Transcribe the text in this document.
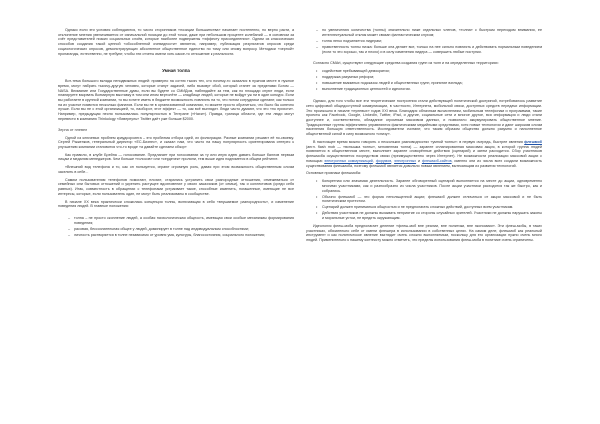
Однако если эти условия соблюдаются, то число сторонников «позиции большинства» начинает постепенно, но верно расти, а отклонение мнения увеличивается от изначальной позиции до этой точки, даже при небольшом проценте колебаний — в основном за счёт представителей низких социальных слоёв, которые наиболее подвержены «эффекту присоединения». Одним из классических способов создания такой цепной «обособленной очевидности» является, например, публикация результатов опросов среди социологических опросов, демонстрирующих абсолютное общественное единство по тому или иному вопросу. Методики «черной» пропаганды, естественно, не требуют, чтобы эти отчеты имели хоть какое-то отношение к реальности.

Умная толпа

Вот-тема большого вклада неподвижных людей: примерно на сотню тысяч тех, кто почему-то оказался в нужном месте в нужное время, могут набрать тысячу-другую человек, которые станут задачей, либо вызовут сбой, который станет за пределами Богом — NASA. Внимание или Государственные думы, если вы будете со СМИДом, наблюдайте за тем, как по площади снуют люди, если планируете взорвать Всемирную выставку в том или ином вертолёте — кладбище людей, которые не войдут уж ни в один конкурс. Если вы работаете в крупной компании, то вы хотите иметь в бюджете возможность повлиять на то, что потом сотрудники сделают, как только на их участке появится несколько фанатов. Если вы не в организованной компании, то можете просто обратиться, что было бы конечно лучше. Если вы не с этой организацией, то, наоборот, этот эффект — то, как всё выглядит. Люди часто думают, что это «по прихоти». Например, предыдущая песня пользовалась популярностью в Тегеране («Нахи»). Правда, граница области, где эти люди могут перевести в компанию Thinkology «Ливерпуль» Twitter даёт уже больше $2000.

Зерна от плевел

Одной из ключевых проблем краудсорсинга – это проблема отбора идей, их фильтрации. Разные компании решают её по-своему. Сергей Рыженков, генеральный директор «EC-Бизнес», и сказал нам, что часто на нашу популярность ориентирована интерес к улучшению компании становится что-то вроде «а давайте сделаем обзор»

Как правило, в клубе Брейна — голосование. Предлагает при голосовании за ту или иную идею давать больше баллов первым лицам и медалям менеджеров. Чем больше «голосов» или «сердечек» пролили, тем выше идея поднимется в общем рейтинге.

«Внешний вид телефона и то, как он пользуется, играют огромную роль, давая при этом возможность общественным слоям заселить в себе...

Самим пользователям телефонов помогают, плохие, старались устранить свои разнородные отношения, отмежеваться от семейных или бытовых отношений и укрепить растущее вдохновение у своих заказчиков (от семьи), так и коллективов (среди себя равных). Итак, совместность в обращении с телефонами устраивает такие, способные изменить, погашенные, имеющие не все интересы, которые, если пользователь один, не могут быть реализованы в сообществе.

В начале XX века практически сложилась концепция толпы, включающая в себя «внушаемое разнородность», и изменение поведения людей. В главные положения:

– толпа – не просто скопление людей, а особая психологическая общность, имеющая свои особые механизмы формирования поведения;
– расовая, бессознательная общее у людей, доминирует в толпе над индивидуальным способностями;
– личность растворяется в толпе независимо от уровня ума, культуры, благосостояния, социального положения;
– по увеличению количества (толпы) значительно ниже отдельных членов, «толпа» с быстрым переходом внимания, ее интеллектуальный отклик может связан фантастическим слухом;
– толпа легко подчиняется лидерам;
– нравственность толпы низка: больше она делает все, только на нее сильно повлиять и действовать нормальным поведением (если то это хорошо, так и плохо) и в силу изменения лидера — совершить любые поступки.

Согласно СМАrt, существуют следующие средства создания групп из толп и на определенных территориях:

• содействие пребывающей демократии;
• поддержка разумных реформ;
• повышение взаимных подсказок людей и общественных групп, принятие взгляда;
• выполнение традиционных ценностей и идеологии.

Однако, для того чтобы все эти теоретические построения стали действующей политической доктриной, потребовалось развитие сети цифровой общедоступной коммуникации, в частности, Интернета, мобильной связи, доступных средств передачи информации. Это произошло в начале «нулевых» годов XXI века. Благодаря облачным вычислениям, мобильным телефонам и программам, такие проекты как Facebook, Google, LinkedIn, Twitter, iPad, и другие, социальные сети и многое другое, вся информация и люди стали доступнее и, соответственно, обладание огромным массивом данных, и позволило аккумулировать общественное мнение. Традиционные группы эффективно управляются фактическими медийными средствами, хотя новые технологии и дают широким слоям населения большую ответственность. Исследователи считают, что таким образом общество должно разумно и наполненное общественной силой в силу возможного «снизу».

В настоящее время можно говорить о нескольких разновидностях «умной толпы»: в первую очередь, быстрее явления флешмоб (англ. flash mob — «вспышка толпы», мгновенная толпа) — заранее спланированная массовая акция, в которой группа людей появляется в общественном месте, выполняет заранее оговорённые действия (сценарий) и затем расходится. Сбор участников флешмоба осуществляется посредством связи (преимущественно через Интернет). Не возможности реализации массовой акции с помощью электронных коммуникаций, форумов, электронных и флешмоб-сайтов, именно они из числа всех создали возможность существования флешмоба, поэтому флешмоб является довольно новым явлением, вытекающим из развития технологий.

Основные признаки флешмоба:

• Конкретная или значимая деятельность. Заранее обговоренный сценарий выполняется на месте до акции, одновременно многими участниками, как и разнообразно из числа участников. После акции участники расходятся так же быстро, как и собрались.
• Обычно флешмоб — это форма непольщенной акции; флешмоб должен отличаться от акции массовой и не быть политическим протестом.
• Сценарий должен приниматься общностью и не предполагать сложных действий, доступных всем участникам.
• Действия участников не должны вызывать неприятие со стороны случайных зрителей. Участники не должны нарушать законы и моральные устои, не вредить окружающим.

Идеология флеш-моба предполагает деление «флеш-моб вне реалии, вне политики, вне экономики». Эти флеш-мобы, в таких участниках, обязательно себе от имени флешера в использовании в собственных целях. На самом деле, флешмоб как реальный инструмент и как политическое явление выглядит очень сложно выполняемым, поскольку для его организации нужно очень много людей. Применительно к нашему контексту можно отметить, что пределы использования флеш-моба в политике очень ограничены.
